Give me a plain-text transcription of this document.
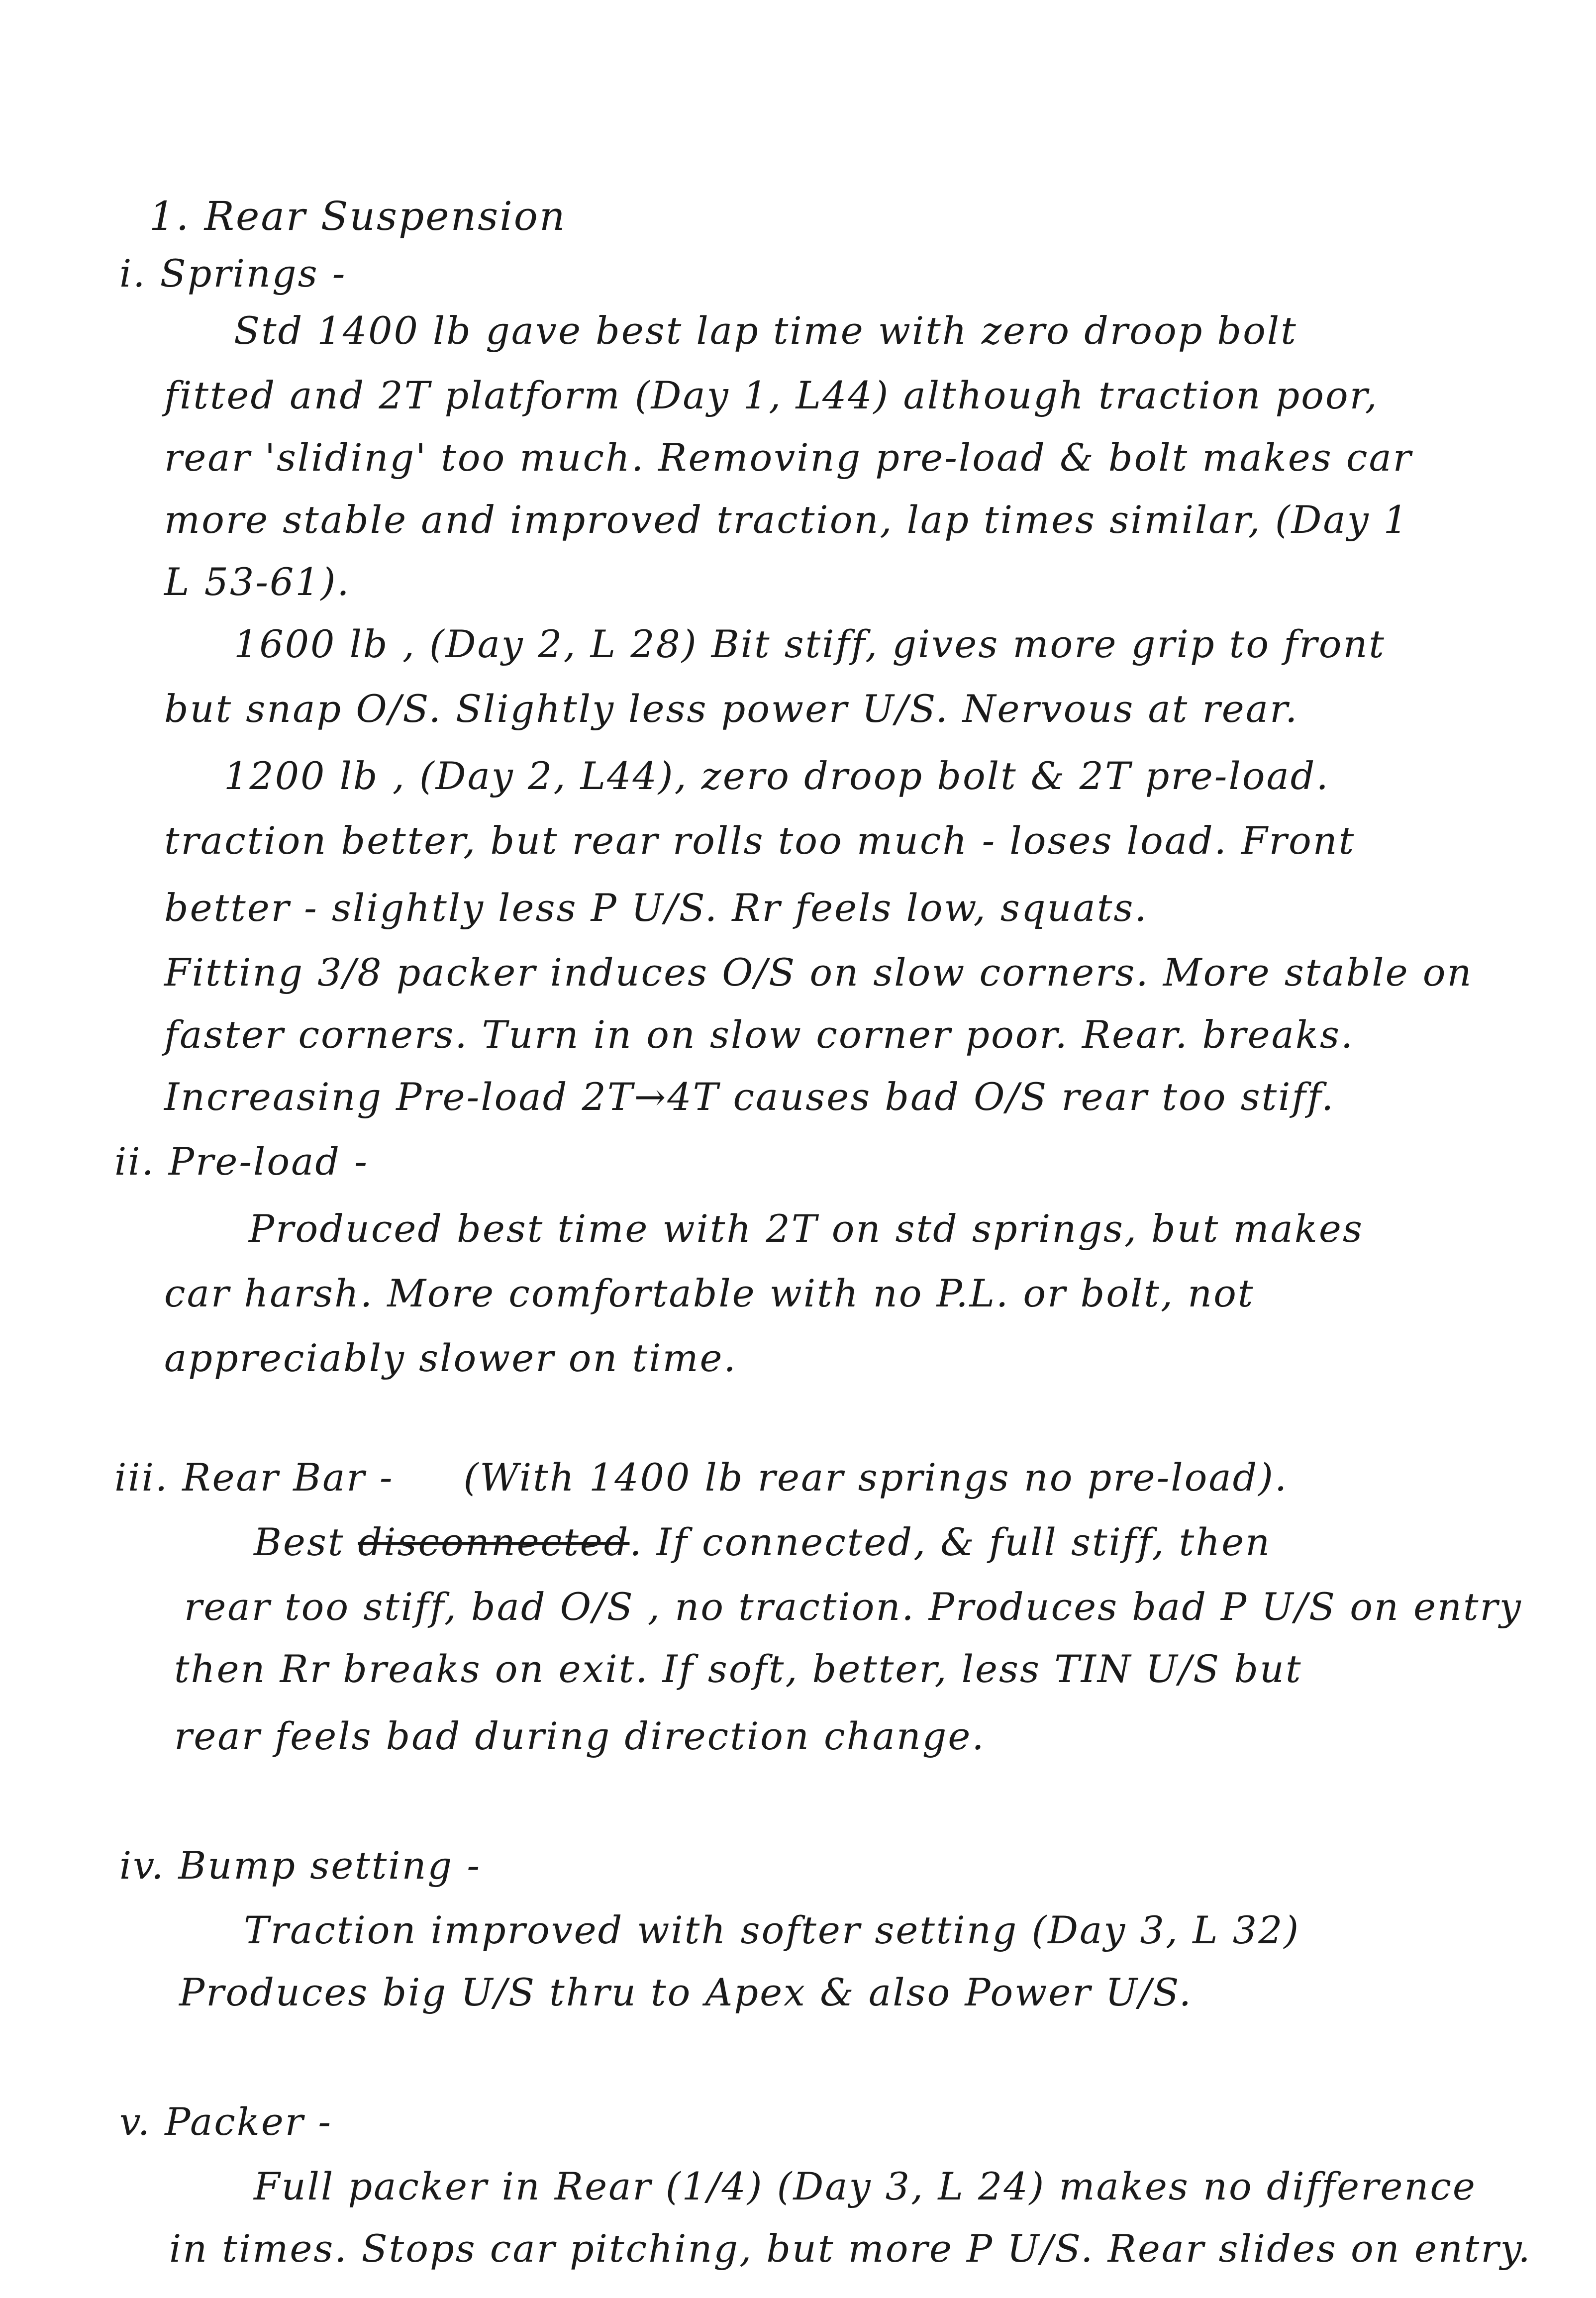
1. Rear Suspension
i. Springs -
Std 1400 lb gave best lap time with zero droop bolt
fitted and 2T platform (Day 1, L44) although traction poor,
rear 'sliding' too much. Removing pre-load & bolt makes car
more stable and improved traction, lap times similar, (Day 1
L 53-61).
1600 lb , (Day 2, L 28) Bit stiff, gives more grip to front
but snap O/S. Slightly less power U/S. Nervous at rear.
1200 lb , (Day 2, L44), zero droop bolt & 2T pre-load.
traction better, but rear rolls too much - loses load. Front
better - slightly less P U/S. Rr feels low, squats.
Fitting 3/8 packer induces O/S on slow corners. More stable on
faster corners. Turn in on slow corner poor. Rear. breaks.
Increasing Pre-load 2T→4T causes bad O/S rear too stiff.
ii. Pre-load -
Produced best time with 2T on std springs, but makes
car harsh. More comfortable with no P.L. or bolt, not
appreciably slower on time.
iii. Rear Bar - (With 1400 lb rear springs no pre-load).
Best disconnected. If connected, & full stiff, then
rear too stiff, bad O/S , no traction. Produces bad P U/S on entry
then Rr breaks on exit. If soft, better, less TIN U/S but
rear feels bad during direction change.
iv. Bump setting -
Traction improved with softer setting (Day 3, L 32)
Produces big U/S thru to Apex & also Power U/S.
v. Packer -
Full packer in Rear (1/4) (Day 3, L 24) makes no difference
in times. Stops car pitching, but more P U/S. Rear slides on entry.
